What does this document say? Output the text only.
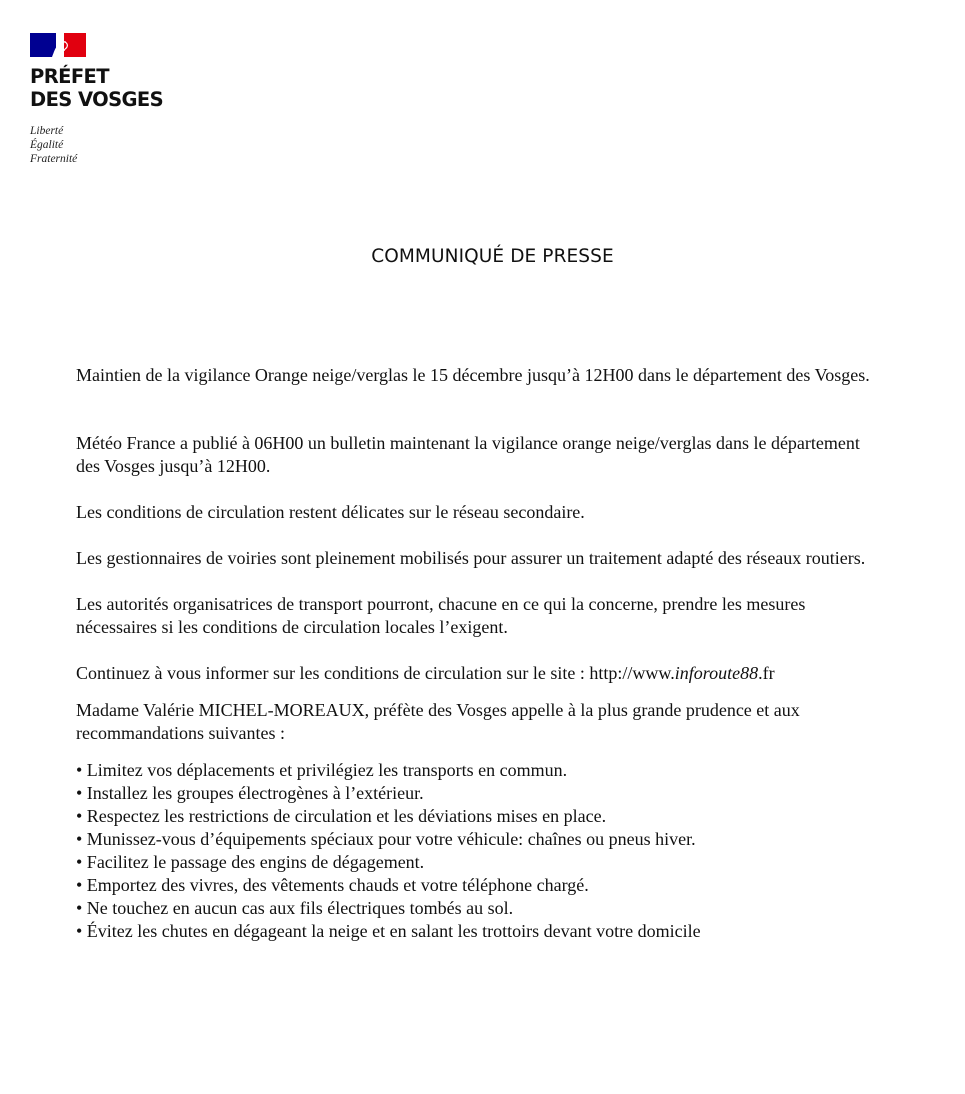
PRÉFET
DES VOSGES
Liberté
Égalité
Fraternité
COMMUNIQUÉ DE PRESSE

Maintien de la vigilance Orange neige/verglas le 15 décembre jusqu’à 12H00 dans le département des Vosges.

Météo France a publié à 06H00 un bulletin maintenant la vigilance orange neige/verglas dans le département des Vosges jusqu’à 12H00.

Les conditions de circulation restent délicates sur le réseau secondaire.

Les gestionnaires de voiries sont pleinement mobilisés pour assurer un traitement adapté des réseaux routiers.

Les autorités organisatrices de transport pourront, chacune en ce qui la concerne, prendre les mesures nécessaires si les conditions de circulation locales l’exigent.

Continuez à vous informer sur les conditions de circulation sur le site : http://www.inforoute88.fr

Madame Valérie MICHEL-MOREAUX, préfète des Vosges appelle à la plus grande prudence et aux recommandations suivantes :

• Limitez vos déplacements et privilégiez les transports en commun.
• Installez les groupes électrogènes à l’extérieur.
• Respectez les restrictions de circulation et les déviations mises en place.
• Munissez-vous d’équipements spéciaux pour votre véhicule: chaînes ou pneus hiver.
• Facilitez le passage des engins de dégagement.
• Emportez des vivres, des vêtements chauds et votre téléphone chargé.
• Ne touchez en aucun cas aux fils électriques tombés au sol.
• Évitez les chutes en dégageant la neige et en salant les trottoirs devant votre domicile
